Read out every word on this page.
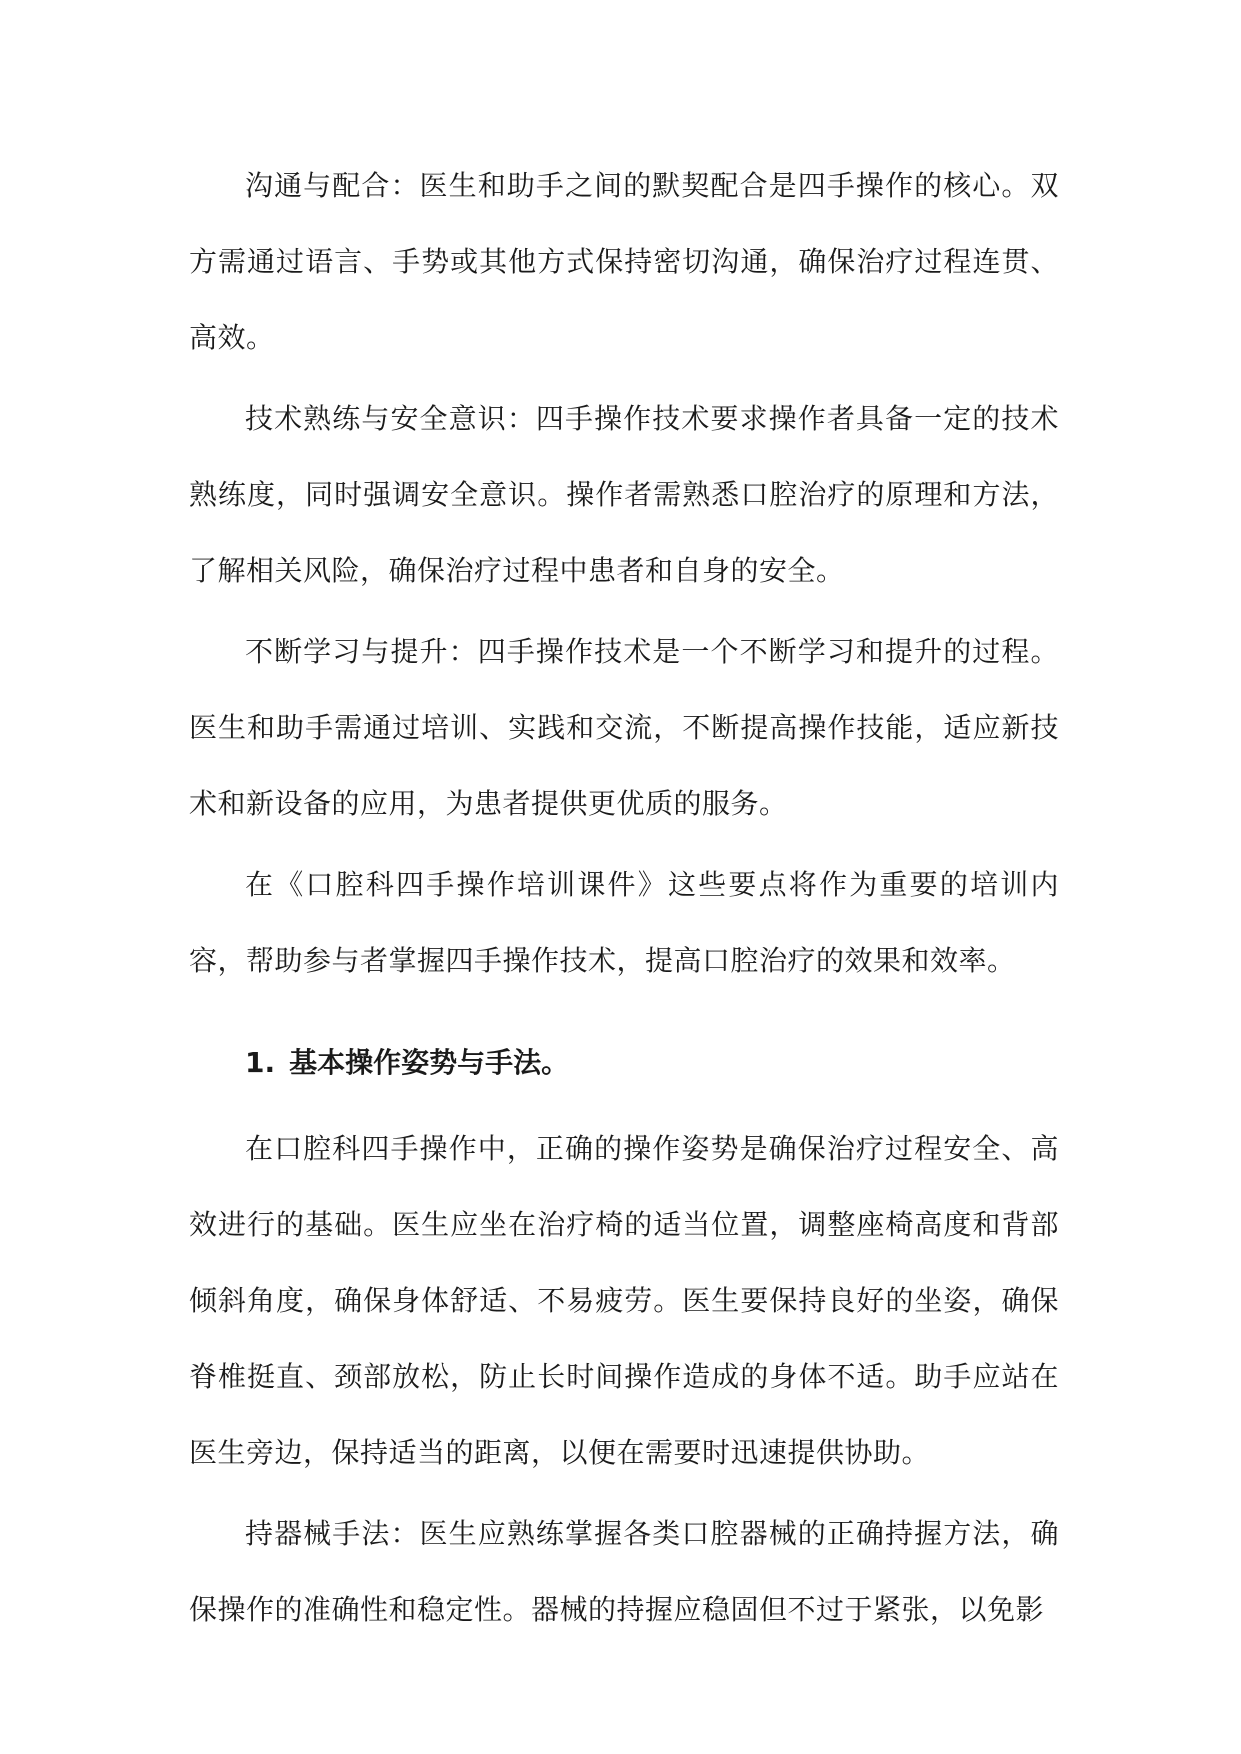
沟通与配合：医生和助手之间的默契配合是四手操作的核心。双方需通过语言、手势或其他方式保持密切沟通，确保治疗过程连贯、高效。

技术熟练与安全意识：四手操作技术要求操作者具备一定的技术熟练度，同时强调安全意识。操作者需熟悉口腔治疗的原理和方法，了解相关风险，确保治疗过程中患者和自身的安全。

不断学习与提升：四手操作技术是一个不断学习和提升的过程。医生和助手需通过培训、实践和交流，不断提高操作技能，适应新技术和新设备的应用，为患者提供更优质的服务。

在《口腔科四手操作培训课件》这些要点将作为重要的培训内容，帮助参与者掌握四手操作技术，提高口腔治疗的效果和效率。

1. 基本操作姿势与手法。

在口腔科四手操作中，正确的操作姿势是确保治疗过程安全、高效进行的基础。医生应坐在治疗椅的适当位置，调整座椅高度和背部倾斜角度，确保身体舒适、不易疲劳。医生要保持良好的坐姿，确保脊椎挺直、颈部放松，防止长时间操作造成的身体不适。助手应站在医生旁边，保持适当的距离，以便在需要时迅速提供协助。

持器械手法：医生应熟练掌握各类口腔器械的正确持握方法，确保操作的准确性和稳定性。器械的持握应稳固但不过于紧张，以免影
